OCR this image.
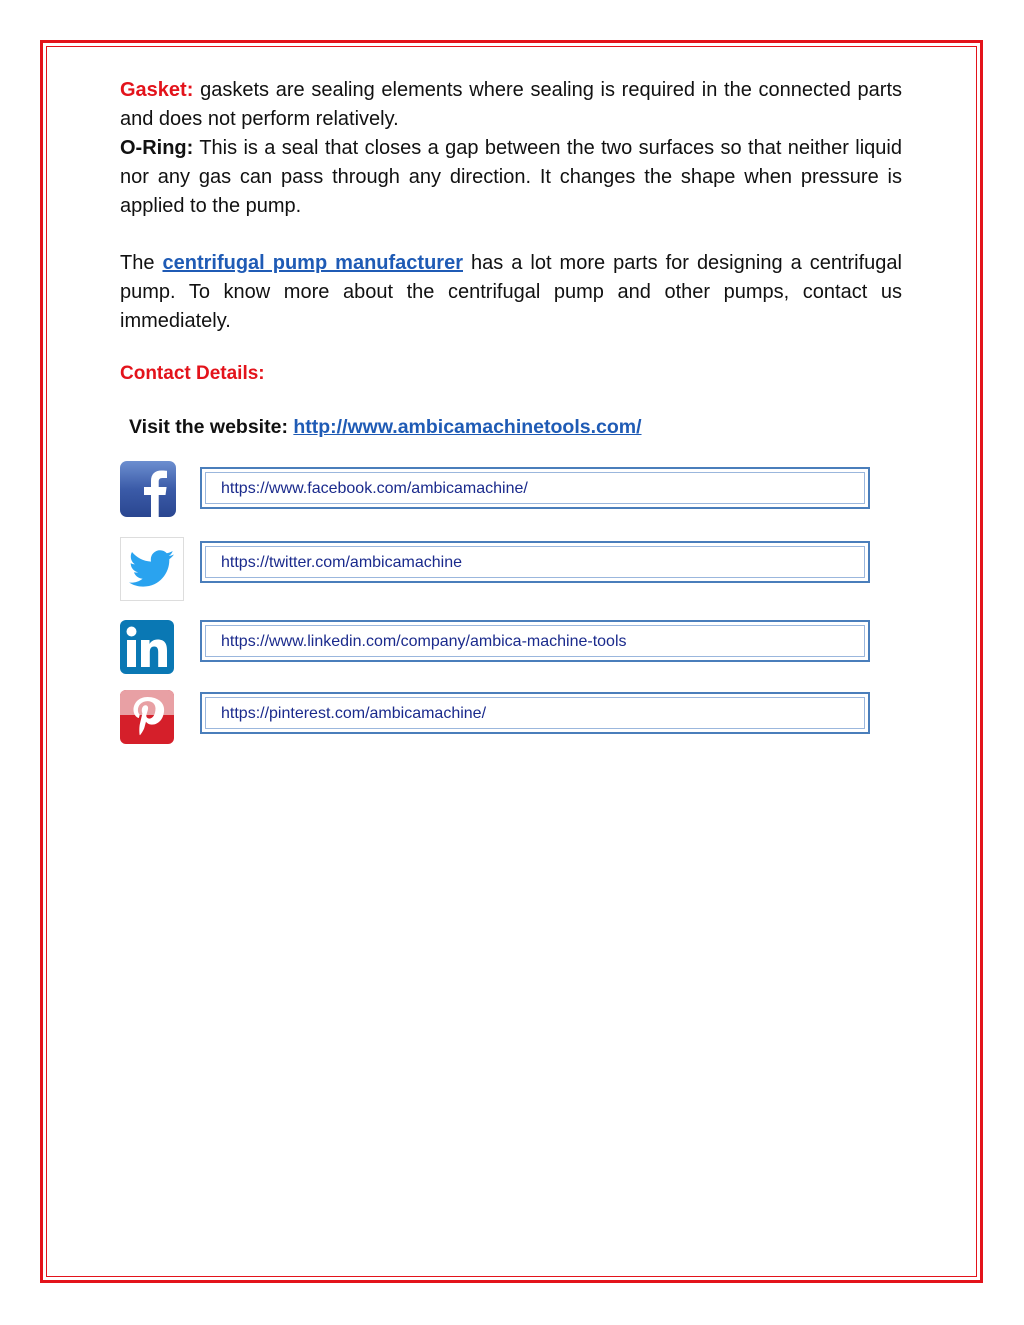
Gasket: gaskets are sealing elements where sealing is required in the connected parts and does not perform relatively.

O-Ring: This is a seal that closes a gap between the two surfaces so that neither liquid nor any gas can pass through any direction. It changes the shape when pressure is applied to the pump.

The centrifugal pump manufacturer has a lot more parts for designing a centrifugal pump. To know more about the centrifugal pump and other pumps, contact us immediately.

Contact Details:
Visit the website: http://www.ambicamachinetools.com/
https://www.facebook.com/ambicamachine/
https://twitter.com/ambicamachine
https://www.linkedin.com/company/ambica-machine-tools
https://pinterest.com/ambicamachine/
